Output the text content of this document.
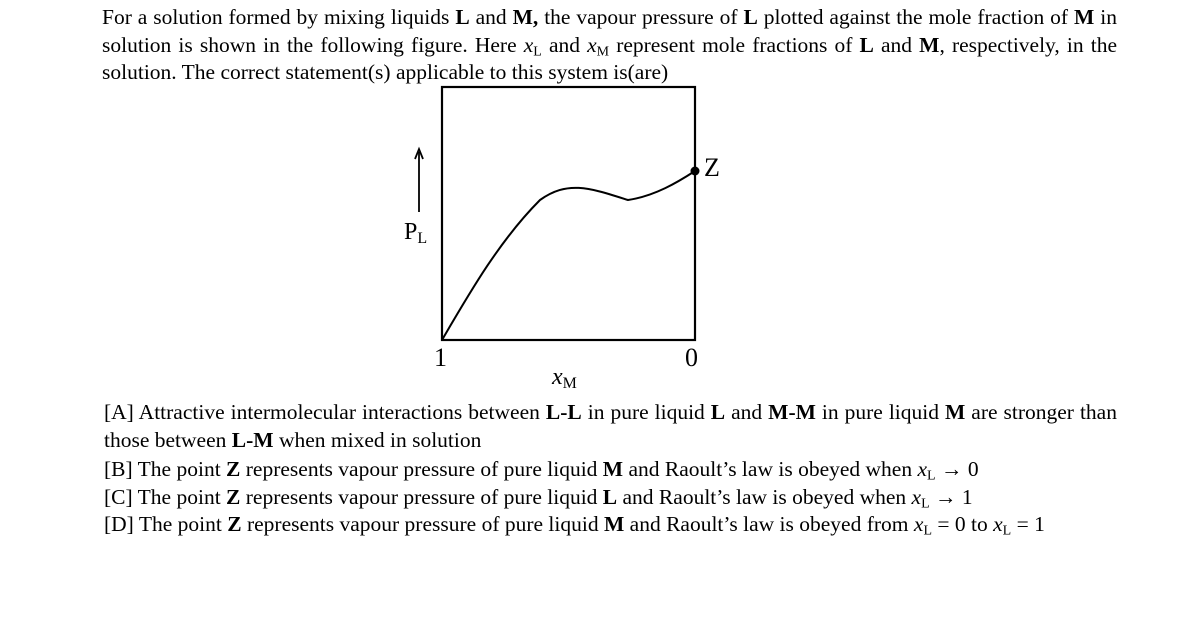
For a solution formed by mixing liquids L and M, the vapour pressure of L plotted against the mole fraction of M in solution is shown in the following figure. Here $x_L$ and $x_M$ represent mole fractions of L and M, respectively, in the solution. The correct statement(s) applicable to this system is(are)
Z
PL
1	0
xM
[A] Attractive intermolecular interactions between L-L in pure liquid L and M-M in pure liquid M are stronger than those between L-M when mixed in solution
[B] The point Z represents vapour pressure of pure liquid M and Raoult’s law is obeyed when $x_L \to 0$
[C] The point Z represents vapour pressure of pure liquid L and Raoult’s law is obeyed when $x_L \to 1$
[D] The point Z represents vapour pressure of pure liquid M and Raoult’s law is obeyed from $x_L = 0$ to $x_L = 1$
